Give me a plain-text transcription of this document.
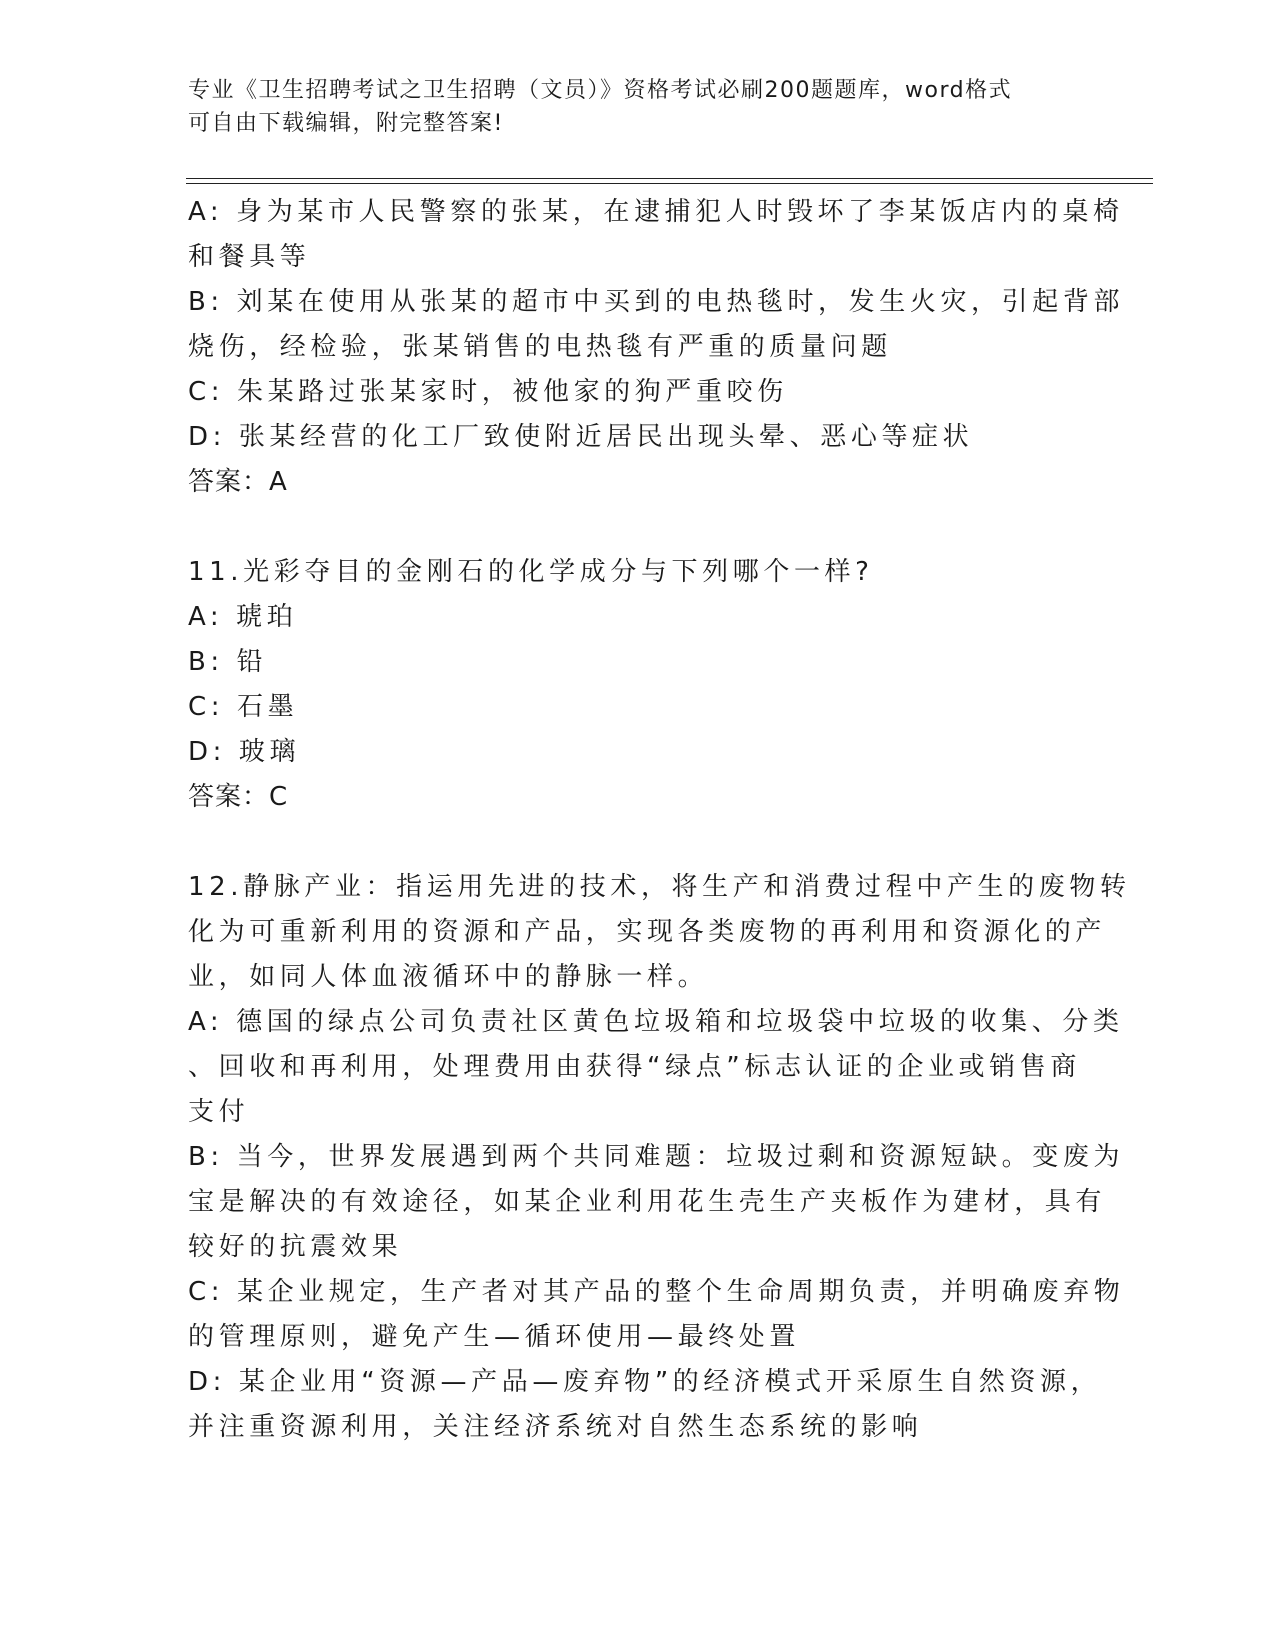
专业《卫生招聘考试之卫生招聘（文员）》资格考试必刷200题题库，word格式
可自由下载编辑，附完整答案!
A: 身为某市人民警察的张某，在逮捕犯人时毁坏了李某饭店内的桌椅
和餐具等
B: 刘某在使用从张某的超市中买到的电热毯时，发生火灾，引起背部
烧伤，经检验，张某销售的电热毯有严重的质量问题
C: 朱某路过张某家时，被他家的狗严重咬伤
D: 张某经营的化工厂致使附近居民出现头晕、恶心等症状
答案：A
11.光彩夺目的金刚石的化学成分与下列哪个一样?
A: 琥珀
B: 铅
C: 石墨
D: 玻璃
答案：C
12.静脉产业：指运用先进的技术，将生产和消费过程中产生的废物转
化为可重新利用的资源和产品，实现各类废物的再利用和资源化的产
业，如同人体血液循环中的静脉一样。
A: 德国的绿点公司负责社区黄色垃圾箱和垃圾袋中垃圾的收集、分类
、回收和再利用，处理费用由获得“绿点”标志认证的企业或销售商
支付
B: 当今，世界发展遇到两个共同难题：垃圾过剩和资源短缺。变废为
宝是解决的有效途径，如某企业利用花生壳生产夹板作为建材，具有
较好的抗震效果
C: 某企业规定，生产者对其产品的整个生命周期负责，并明确废弃物
的管理原则，避免产生—循环使用—最终处置
D: 某企业用“资源—产品—废弃物”的经济模式开采原生自然资源，
并注重资源利用，关注经济系统对自然生态系统的影响
